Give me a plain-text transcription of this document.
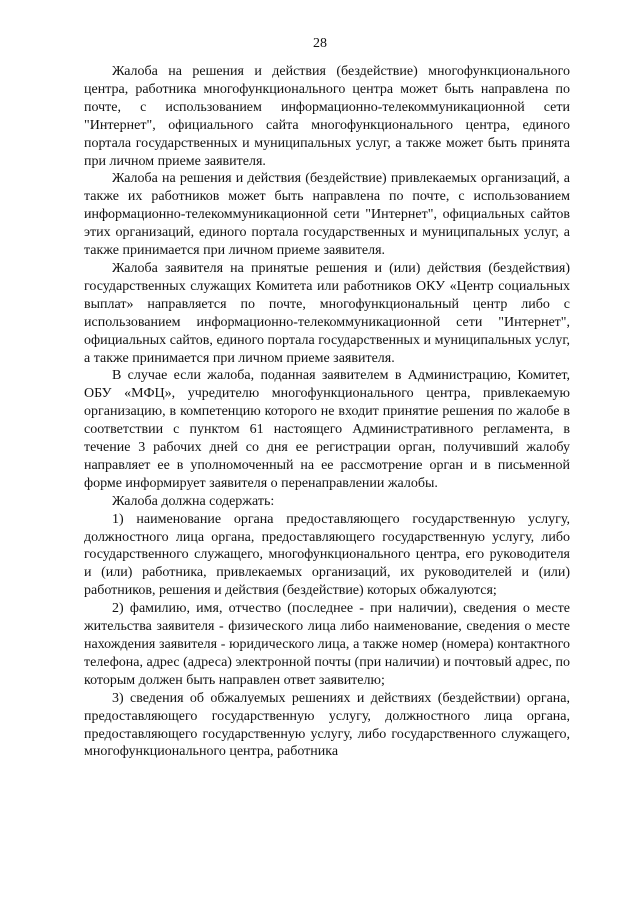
28

Жалоба на решения и действия (бездействие) многофункционального центра, работника многофункционального центра может быть направлена по почте, с использованием информационно-телекоммуникационной сети "Интернет", официального сайта многофункционального центра, единого портала государственных и муниципальных услуг, а также может быть принята при личном приеме заявителя.

Жалоба на решения и действия (бездействие) привлекаемых организаций, а также их работников может быть направлена по почте, с использованием информационно-телекоммуникационной сети "Интернет", официальных сайтов этих организаций, единого портала государственных и муниципальных услуг, а также принимается при личном приеме заявителя.

Жалоба заявителя на принятые решения и (или) действия (бездействия) государственных служащих Комитета или работников ОКУ «Центр социальных выплат» направляется по почте, многофункциональный центр либо с использованием информационно-телекоммуникационной сети "Интернет", официальных сайтов, единого портала государственных и муниципальных услуг, а также принимается при личном приеме заявителя.

В случае если жалоба, поданная заявителем в Администрацию, Комитет, ОБУ «МФЦ», учредителю многофункционального центра, привлекаемую организацию, в компетенцию которого не входит принятие решения по жалобе в соответствии с пунктом 61 настоящего Административного регламента, в течение 3 рабочих дней со дня ее регистрации орган, получивший жалобу направляет ее в уполномоченный на ее рассмотрение орган и в письменной форме информирует заявителя о перенаправлении жалобы.

Жалоба должна содержать:

1) наименование органа предоставляющего государственную услугу, должностного лица органа, предоставляющего государственную услугу, либо государственного служащего, многофункционального центра, его руководителя и (или) работника, привлекаемых организаций, их руководителей и (или) работников, решения и действия (бездействие) которых обжалуются;

2) фамилию, имя, отчество (последнее - при наличии), сведения о месте жительства заявителя - физического лица либо наименование, сведения о месте нахождения заявителя - юридического лица, а также номер (номера) контактного телефона, адрес (адреса) электронной почты (при наличии) и почтовый адрес, по которым должен быть направлен ответ заявителю;

3) сведения об обжалуемых решениях и действиях (бездействии) органа, предоставляющего государственную услугу, должностного лица органа, предоставляющего государственную услугу, либо государственного служащего, многофункционального центра, работника
